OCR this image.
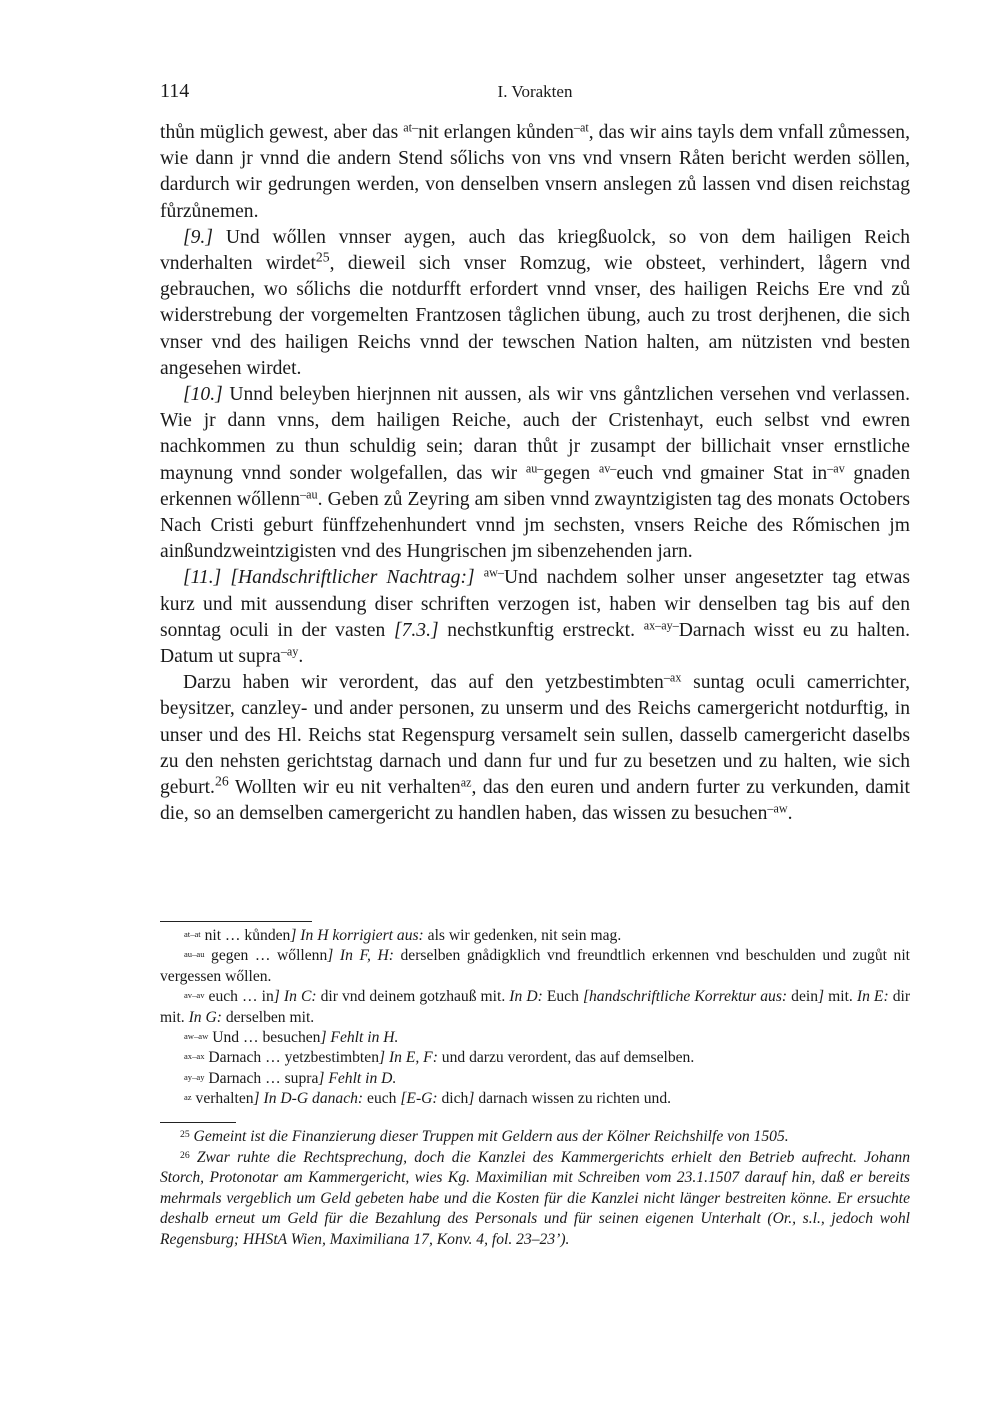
114	I. Vorakten

thůn müglich gewest, aber das $^{at-}$nit erlangen kůnden$^{-at}$, das wir ains tayls dem vnfall zůmessen, wie dann jr vnnd die andern Stend sőlichs von vns vnd vnsern Råten bericht werden söllen, dardurch wir gedrungen werden, von denselben vnsern anslegen zů lassen vnd disen reichstag fůrzůnemen.

[9.] Und wőllen vnnser aygen, auch das kriegßuolck, so von dem hailigen Reich vnderhalten wirdet$^{25}$, dieweil sich vnser Romzug, wie obsteet, verhindert, lågern vnd gebrauchen, wo sőlichs die notdurfft erfordert vnnd vnser, des hailigen Reichs Ere vnd zů widerstrebung der vorgemelten Frantzosen tåglichen übung, auch zu trost derjhenen, die sich vnser vnd des hailigen Reichs vnnd der tewschen Nation halten, am nützisten vnd besten angesehen wirdet.

[10.] Unnd beleyben hierjnnen nit aussen, als wir vns gåntzlichen versehen vnd verlassen. Wie jr dann vnns, dem hailigen Reiche, auch der Cristenhayt, euch selbst vnd ewren nachkommen zu thun schuldig sein; daran thůt jr zusampt der billichait vnser ernstliche maynung vnnd sonder wolgefallen, das wir $^{au-}$gegen $^{av-}$euch vnd gmainer Stat $in^{-av}$ gnaden erkennen wőllenn$^{-au}$. Geben zů Zeyring am siben vnnd zwayntzigisten tag des monats Octobers Nach Cristi geburt fünffzehenhundert vnnd jm sechsten, vnsers Reiche des Rőmischen jm ainßundzweintzigisten vnd des Hungrischen jm sibenzehenden jarn.

[11.] [Handschriftlicher Nachtrag:] $^{aw-}$Und nachdem solher unser angesetzter tag etwas kurz und mit aussendung diser schriften verzogen ist, haben wir denselben tag bis auf den sonntag oculi in der vasten [7.3.] nechstkunftig erstreckt. $^{ax-ay-}$Darnach wisst eu zu halten. Datum ut supra$^{-ay}$.

Darzu haben wir verordent, das auf den yetzbestimbten$^{-ax}$ suntag oculi camerrichter, beysitzer, canzley- und ander personen, zu unserm und des Reichs camergericht notdurftig, in unser und des Hl. Reichs stat Regenspurg versamelt sein sullen, dasselb camergericht daselbs zu den nehsten gerichtstag darnach und dann fur und fur zu besetzen und zu halten, wie sich geburt.$^{26}$ Wollten wir eu nit verhalten$^{az}$, das den euren und andern furter zu verkunden, damit die, so an demselben camergericht zu handlen haben, das wissen zu besuchen$^{-aw}$.

$^{at-at}$ nit … kůnden] In H korrigiert aus: als wir gedenken, nit sein mag.

$^{au-au}$ gegen … wőllenn] In F, H: derselben gnådigklich vnd freundtlich erkennen vnd beschulden und zugůt nit vergessen wőllen.

$^{av-av}$ euch … in] In C: dir vnd deinem gotzhauß mit. In D: Euch [handschriftliche Korrektur aus: dein] mit. In E: dir mit. In G: derselben mit.

$^{aw-aw}$ Und … besuchen] Fehlt in H.

$^{ax-ax}$ Darnach … yetzbestimbten] In E, F: und darzu verordent, das auf demselben.

$^{ay-ay}$ Darnach … supra] Fehlt in D.

$^{az}$ verhalten] In D-G danach: euch [E-G: dich] darnach wissen zu richten und.

$^{25}$ Gemeint ist die Finanzierung dieser Truppen mit Geldern aus der Kölner Reichshilfe von 1505.

$^{26}$ Zwar ruhte die Rechtsprechung, doch die Kanzlei des Kammergerichts erhielt den Betrieb aufrecht. Johann Storch, Protonotar am Kammergericht, wies Kg. Maximilian mit Schreiben vom 23.1.1507 darauf hin, daß er bereits mehrmals vergeblich um Geld gebeten habe und die Kosten für die Kanzlei nicht länger bestreiten könne. Er ersuchte deshalb erneut um Geld für die Bezahlung des Personals und für seinen eigenen Unterhalt (Or., s.l., jedoch wohl Regensburg; HHStA Wien, Maximiliana 17, Konv. 4, fol. 23–23’).
